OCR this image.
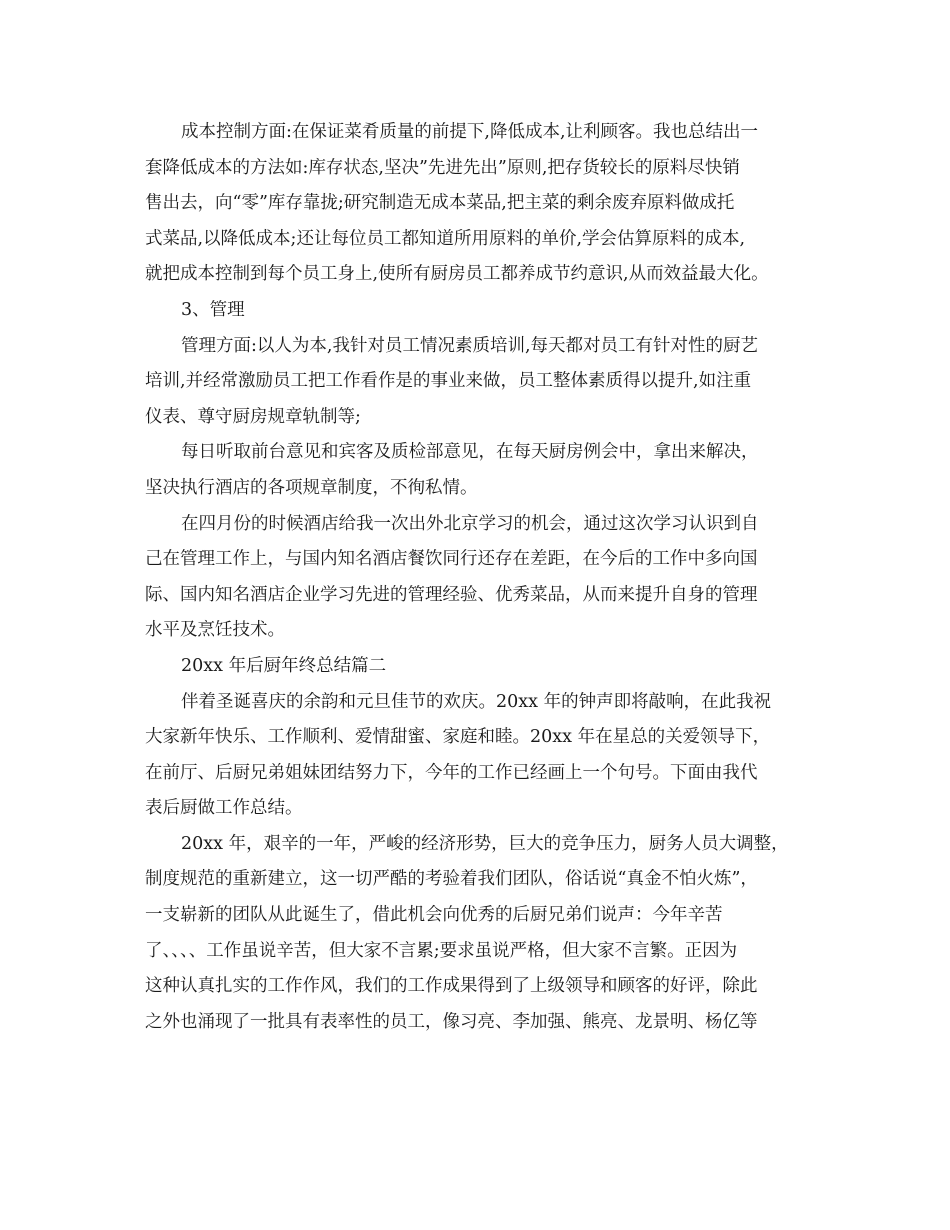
成本控制方面:在保证菜肴质量的前提下,降低成本,让利顾客。我也总结出一
套降低成本的方法如:库存状态,坚决”先进先出”原则,把存货较长的原料尽快销
售出去，向“零”库存靠拢;研究制造无成本菜品,把主菜的剩余废弃原料做成托
式菜品,以降低成本;还让每位员工都知道所用原料的单价,学会估算原料的成本,
就把成本控制到每个员工身上,使所有厨房员工都养成节约意识,从而效益最大化。
3、管理
管理方面:以人为本,我针对员工情况素质培训,每天都对员工有针对性的厨艺
培训,并经常激励员工把工作看作是的事业来做，员工整体素质得以提升,如注重
仪表、尊守厨房规章轨制等;
每日听取前台意见和宾客及质检部意见，在每天厨房例会中，拿出来解决，
坚决执行酒店的各项规章制度，不徇私情。
在四月份的时候酒店给我一次出外北京学习的机会，通过这次学习认识到自
己在管理工作上，与国内知名酒店餐饮同行还存在差距，在今后的工作中多向国
际、国内知名酒店企业学习先进的管理经验、优秀菜品，从而来提升自身的管理
水平及烹饪技术。
20xx 年后厨年终总结篇二
伴着圣诞喜庆的余韵和元旦佳节的欢庆。20xx 年的钟声即将敲响，在此我祝
大家新年快乐、工作顺利、爱情甜蜜、家庭和睦。20xx 年在星总的关爱领导下，
在前厅、后厨兄弟姐妹团结努力下，今年的工作已经画上一个句号。下面由我代
表后厨做工作总结。
20xx 年，艰辛的一年，严峻的经济形势，巨大的竞争压力，厨务人员大调整，
制度规范的重新建立，这一切严酷的考验着我们团队，俗话说“真金不怕火炼”，
一支崭新的团队从此诞生了，借此机会向优秀的后厨兄弟们说声：今年辛苦
了、、、、工作虽说辛苦，但大家不言累;要求虽说严格，但大家不言繁。正因为
这种认真扎实的工作作风，我们的工作成果得到了上级领导和顾客的好评，除此
之外也涌现了一批具有表率性的员工，像习亮、李加强、熊亮、龙景明、杨亿等
